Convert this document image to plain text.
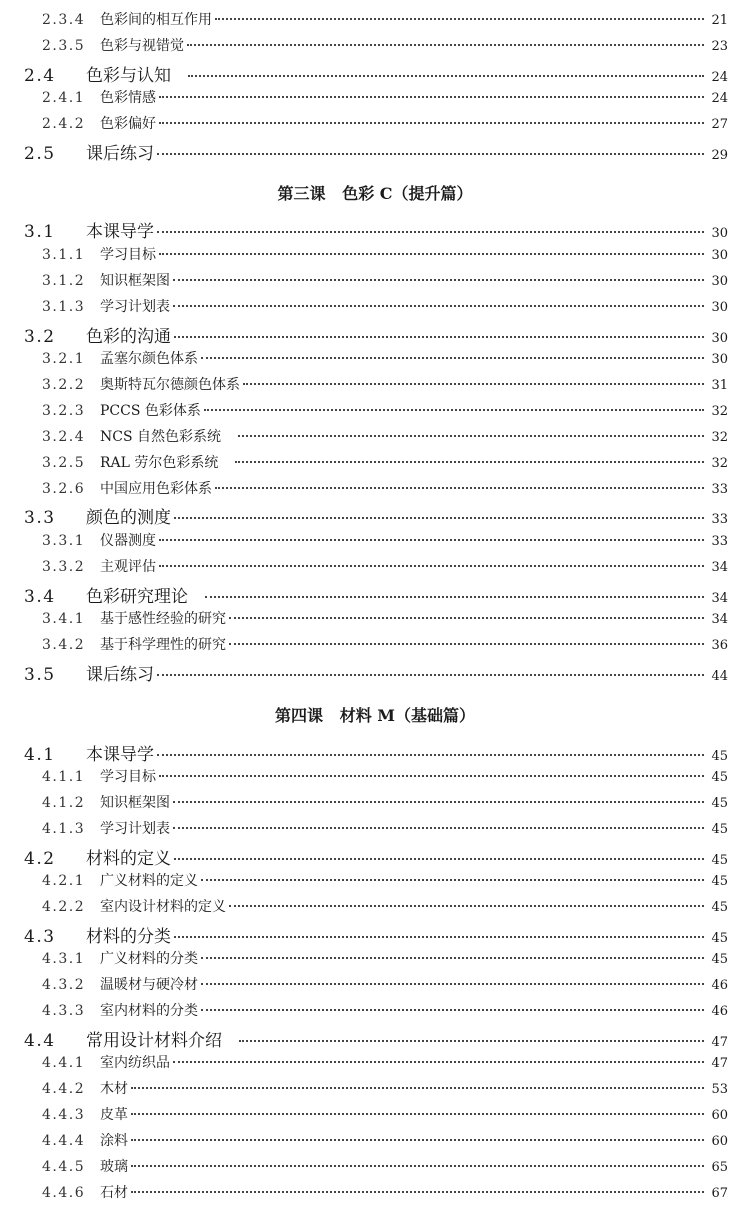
2.3.4	色彩间的相互作用	21
2.3.5	色彩与视错觉	23
2.4	色彩与认知	24
2.4.1	色彩情感	24
2.4.2	色彩偏好	27
2.5	课后练习	29
第三课   色彩 C（提升篇）
3.1	本课导学	30
3.1.1	学习目标	30
3.1.2	知识框架图	30
3.1.3	学习计划表	30
3.2	色彩的沟通	30
3.2.1	孟塞尔颜色体系	30
3.2.2	奥斯特瓦尔德颜色体系	31
3.2.3	PCCS 色彩体系	32
3.2.4	NCS 自然色彩系统	32
3.2.5	RAL 劳尔色彩系统	32
3.2.6	中国应用色彩体系	33
3.3	颜色的测度	33
3.3.1	仪器测度	33
3.3.2	主观评估	34
3.4	色彩研究理论	34
3.4.1	基于感性经验的研究	34
3.4.2	基于科学理性的研究	36
3.5	课后练习	44
第四课   材料 M（基础篇）
4.1	本课导学	45
4.1.1	学习目标	45
4.1.2	知识框架图	45
4.1.3	学习计划表	45
4.2	材料的定义	45
4.2.1	广义材料的定义	45
4.2.2	室内设计材料的定义	45
4.3	材料的分类	45
4.3.1	广义材料的分类	45
4.3.2	温暖材与硬冷材	46
4.3.3	室内材料的分类	46
4.4	常用设计材料介绍	47
4.4.1	室内纺织品	47
4.4.2	木材	53
4.4.3	皮革	60
4.4.4	涂料	60
4.4.5	玻璃	65
4.4.6	石材	67
